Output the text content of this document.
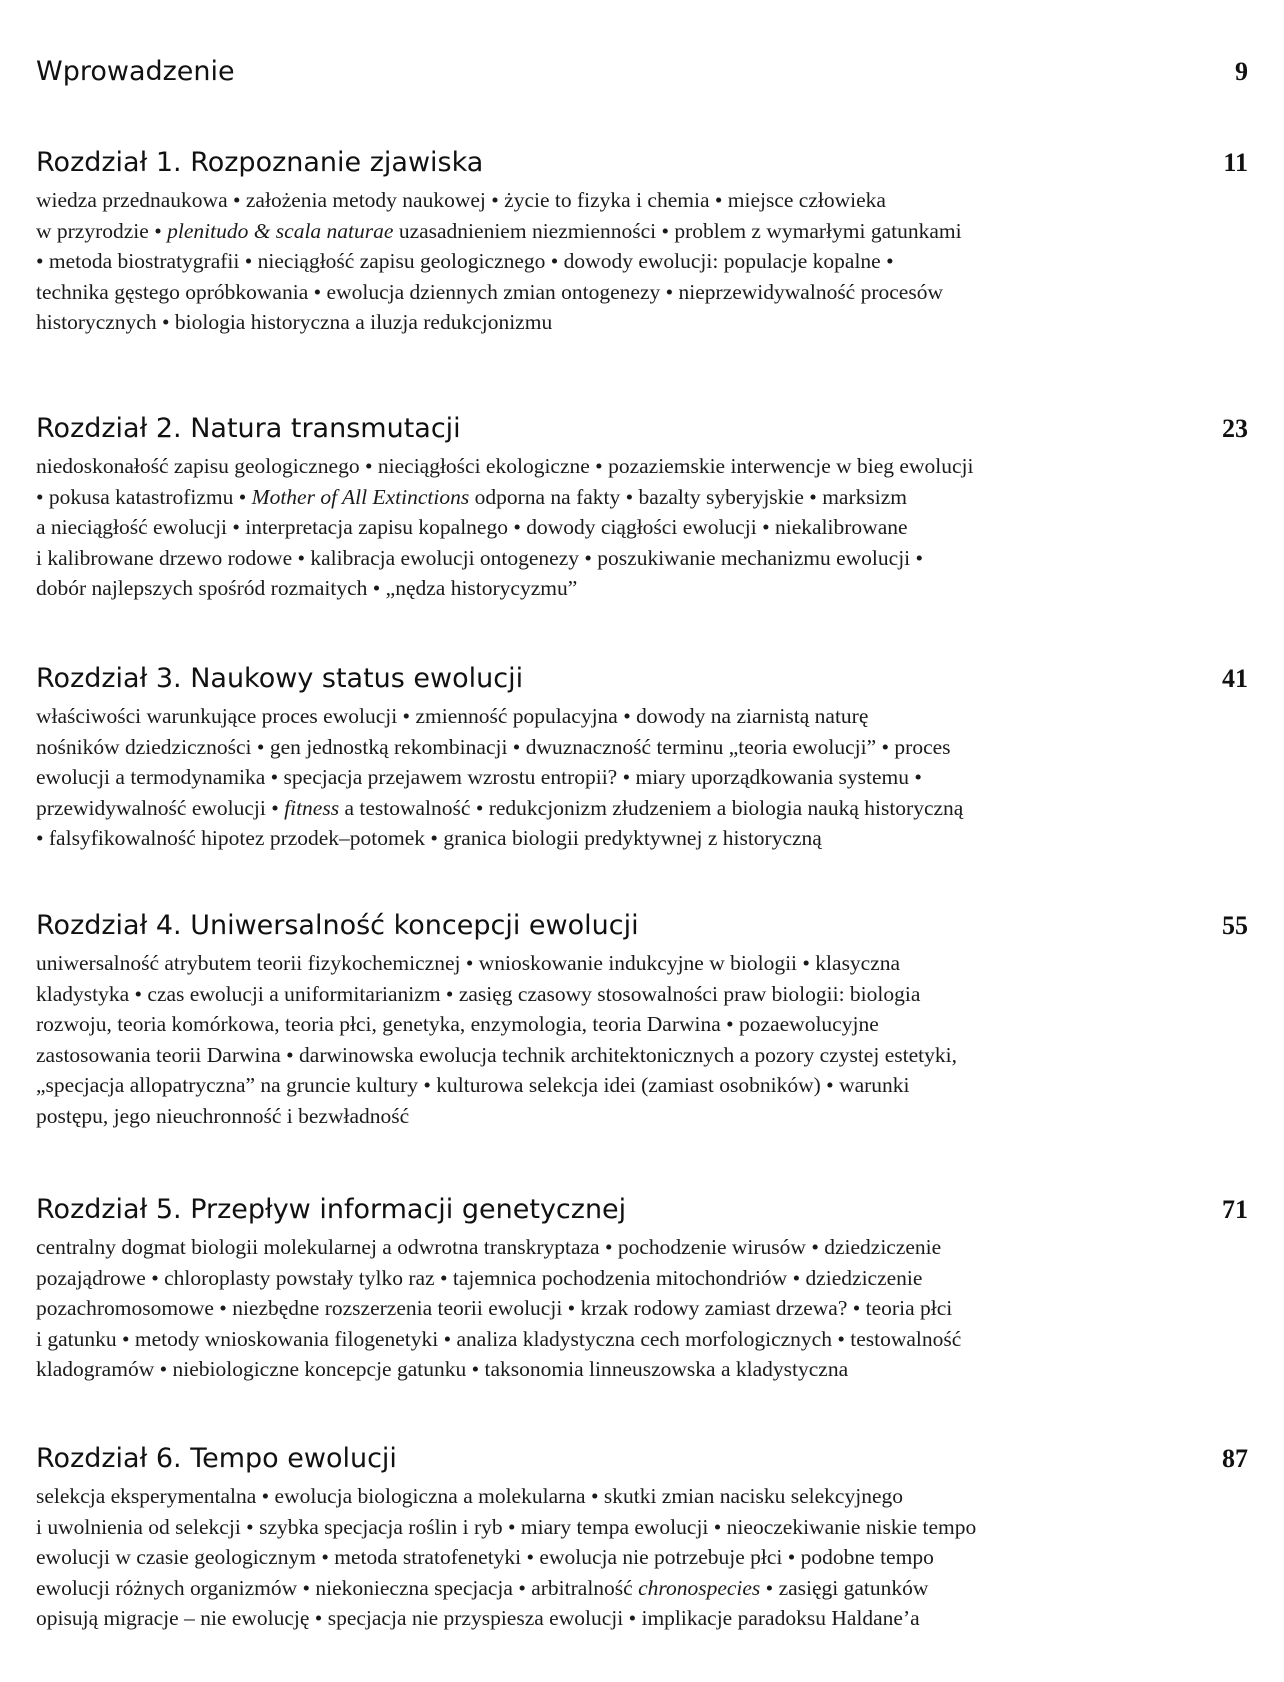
Wprowadzenie	9
Rozdział 1. Rozpoznanie zjawiska	11
wiedza przednaukowa • założenia metody naukowej • życie to fizyka i chemia • miejsce człowieka
w przyrodzie • plenitudo & scala naturae uzasadnieniem niezmienności • problem z wymarłymi gatunkami
• metoda biostratygrafii • nieciągłość zapisu geologicznego • dowody ewolucji: populacje kopalne •
technika gęstego opróbkowania • ewolucja dziennych zmian ontogenezy • nieprzewidywalność procesów
historycznych • biologia historyczna a iluzja redukcjonizmu
Rozdział 2. Natura transmutacji	23
niedoskonałość zapisu geologicznego • nieciągłości ekologiczne • pozaziemskie interwencje w bieg ewolucji
• pokusa katastrofizmu • Mother of All Extinctions odporna na fakty • bazalty syberyjskie • marksizm
a nieciągłość ewolucji • interpretacja zapisu kopalnego • dowody ciągłości ewolucji • niekalibrowane
i kalibrowane drzewo rodowe • kalibracja ewolucji ontogenezy • poszukiwanie mechanizmu ewolucji •
dobór najlepszych spośród rozmaitych • „nędza historycyzmu”
Rozdział 3. Naukowy status ewolucji	41
właściwości warunkujące proces ewolucji • zmienność populacyjna • dowody na ziarnistą naturę
nośników dziedziczności • gen jednostką rekombinacji • dwuznaczność terminu „teoria ewolucji” • proces
ewolucji a termodynamika • specjacja przejawem wzrostu entropii? • miary uporządkowania systemu •
przewidywalność ewolucji • fitness a testowalność • redukcjonizm złudzeniem a biologia nauką historyczną
• falsyfikowalność hipotez przodek–potomek • granica biologii predyktywnej z historyczną
Rozdział 4. Uniwersalność koncepcji ewolucji	55
uniwersalność atrybutem teorii fizykochemicznej • wnioskowanie indukcyjne w biologii • klasyczna
kladystyka • czas ewolucji a uniformitarianizm • zasięg czasowy stosowalności praw biologii: biologia
rozwoju, teoria komórkowa, teoria płci, genetyka, enzymologia, teoria Darwina • pozaewolucyjne
zastosowania teorii Darwina • darwinowska ewolucja technik architektonicznych a pozory czystej estetyki,
„specjacja allopatryczna” na gruncie kultury • kulturowa selekcja idei (zamiast osobników) • warunki
postępu, jego nieuchronność i bezwładność
Rozdział 5. Przepływ informacji genetycznej	71
centralny dogmat biologii molekularnej a odwrotna transkryptaza • pochodzenie wirusów • dziedziczenie
pozajądrowe • chloroplasty powstały tylko raz • tajemnica pochodzenia mitochondriów • dziedziczenie
pozachromosomowe • niezbędne rozszerzenia teorii ewolucji • krzak rodowy zamiast drzewa? • teoria płci
i gatunku • metody wnioskowania filogenetyki • analiza kladystyczna cech morfologicznych • testowalność
kladogramów • niebiologiczne koncepcje gatunku • taksonomia linneuszowska a kladystyczna
Rozdział 6. Tempo ewolucji	87
selekcja eksperymentalna • ewolucja biologiczna a molekularna • skutki zmian nacisku selekcyjnego
i uwolnienia od selekcji • szybka specjacja roślin i ryb • miary tempa ewolucji • nieoczekiwanie niskie tempo
ewolucji w czasie geologicznym • metoda stratofenetyki • ewolucja nie potrzebuje płci • podobne tempo
ewolucji różnych organizmów • niekonieczna specjacja • arbitralność chronospecies • zasięgi gatunków
opisują migracje – nie ewolucję • specjacja nie przyspiesza ewolucji • implikacje paradoksu Haldane’a
